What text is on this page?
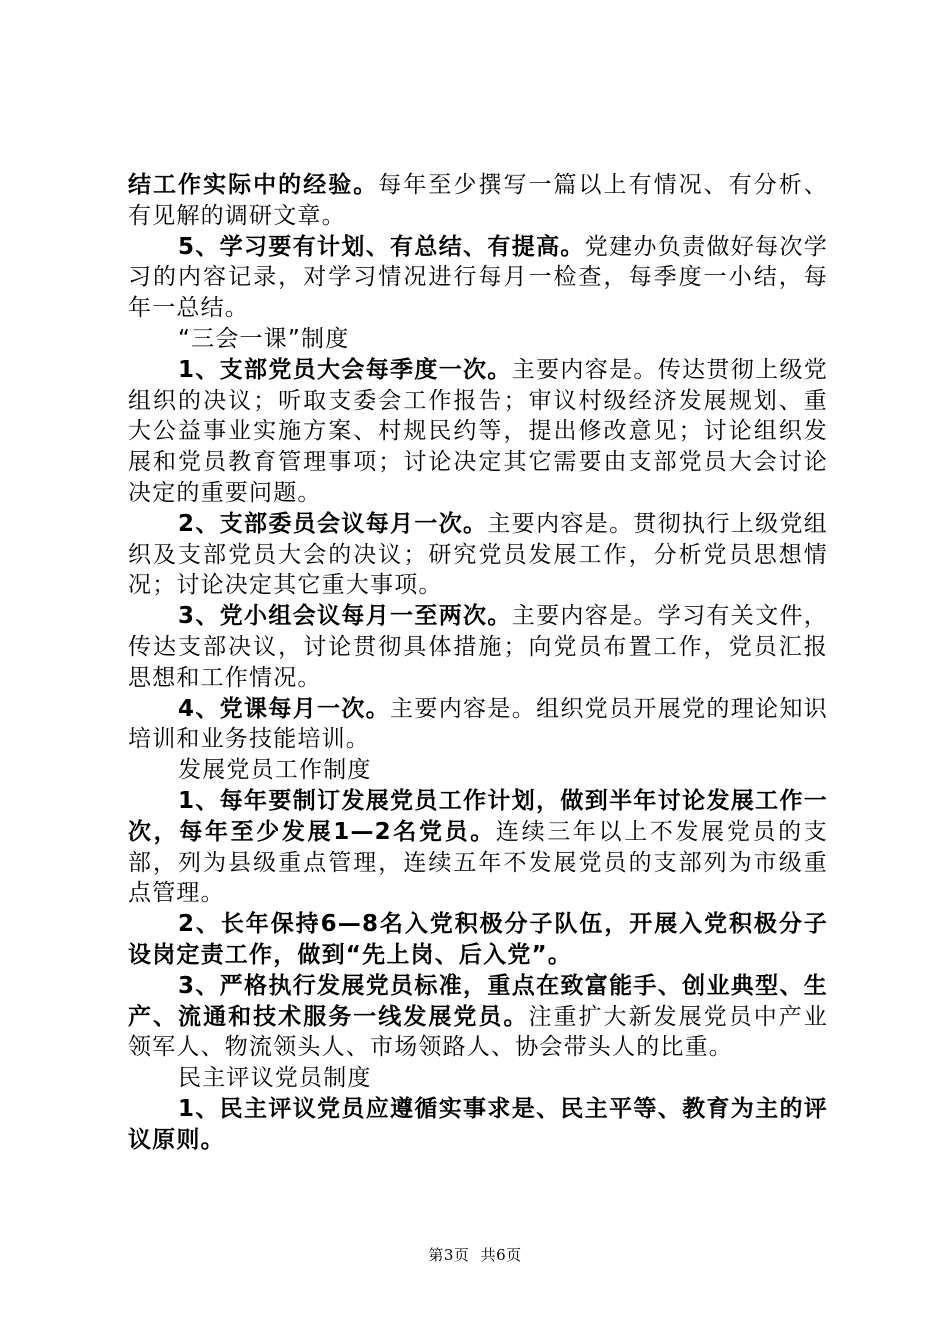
结工作实际中的经验。每年至少撰写一篇以上有情况、有分析、有见解的调研文章。
5、学习要有计划、有总结、有提高。党建办负责做好每次学习的内容记录，对学习情况进行每月一检查，每季度一小结，每年一总结。
“三会一课”制度
1、支部党员大会每季度一次。主要内容是。传达贯彻上级党组织的决议；听取支委会工作报告；审议村级经济发展规划、重大公益事业实施方案、村规民约等，提出修改意见；讨论组织发展和党员教育管理事项；讨论决定其它需要由支部党员大会讨论决定的重要问题。
2、支部委员会议每月一次。主要内容是。贯彻执行上级党组织及支部党员大会的决议；研究党员发展工作，分析党员思想情况；讨论决定其它重大事项。
3、党小组会议每月一至两次。主要内容是。学习有关文件，传达支部决议，讨论贯彻具体措施；向党员布置工作，党员汇报思想和工作情况。
4、党课每月一次。主要内容是。组织党员开展党的理论知识培训和业务技能培训。
发展党员工作制度
1、每年要制订发展党员工作计划，做到半年讨论发展工作一次，每年至少发展1—2名党员。连续三年以上不发展党员的支部，列为县级重点管理，连续五年不发展党员的支部列为市级重点管理。
2、长年保持6—8名入党积极分子队伍，开展入党积极分子设岗定责工作，做到“先上岗、后入党”。
3、严格执行发展党员标准，重点在致富能手、创业典型、生产、流通和技术服务一线发展党员。注重扩大新发展党员中产业领军人、物流领头人、市场领路人、协会带头人的比重。
民主评议党员制度
1、民主评议党员应遵循实事求是、民主平等、教育为主的评议原则。
第3页 共6页
